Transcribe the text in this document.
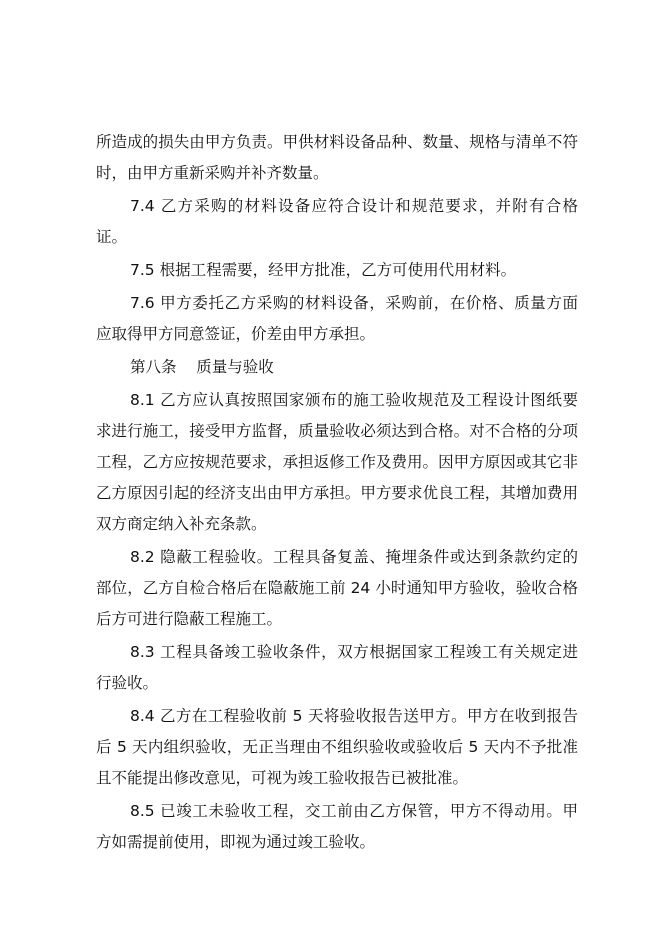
所造成的损失由甲方负责。甲供材料设备品种、数量、规格与清单不符时，由甲方重新采购并补齐数量。

7.4 乙方采购的材料设备应符合设计和规范要求，并附有合格证。

7.5 根据工程需要，经甲方批准，乙方可使用代用材料。

7.6 甲方委托乙方采购的材料设备，采购前，在价格、质量方面应取得甲方同意签证，价差由甲方承担。

第八条    质量与验收

8.1 乙方应认真按照国家颁布的施工验收规范及工程设计图纸要求进行施工，接受甲方监督，质量验收必须达到合格。对不合格的分项工程，乙方应按规范要求，承担返修工作及费用。因甲方原因或其它非乙方原因引起的经济支出由甲方承担。甲方要求优良工程，其增加费用双方商定纳入补充条款。

8.2 隐蔽工程验收。工程具备复盖、掩埋条件或达到条款约定的部位，乙方自检合格后在隐蔽施工前 24 小时通知甲方验收，验收合格后方可进行隐蔽工程施工。

8.3 工程具备竣工验收条件，双方根据国家工程竣工有关规定进行验收。

8.4 乙方在工程验收前 5 天将验收报告送甲方。甲方在收到报告后 5 天内组织验收，无正当理由不组织验收或验收后 5 天内不予批准且不能提出修改意见，可视为竣工验收报告已被批准。

8.5 已竣工未验收工程，交工前由乙方保管，甲方不得动用。甲方如需提前使用，即视为通过竣工验收。
